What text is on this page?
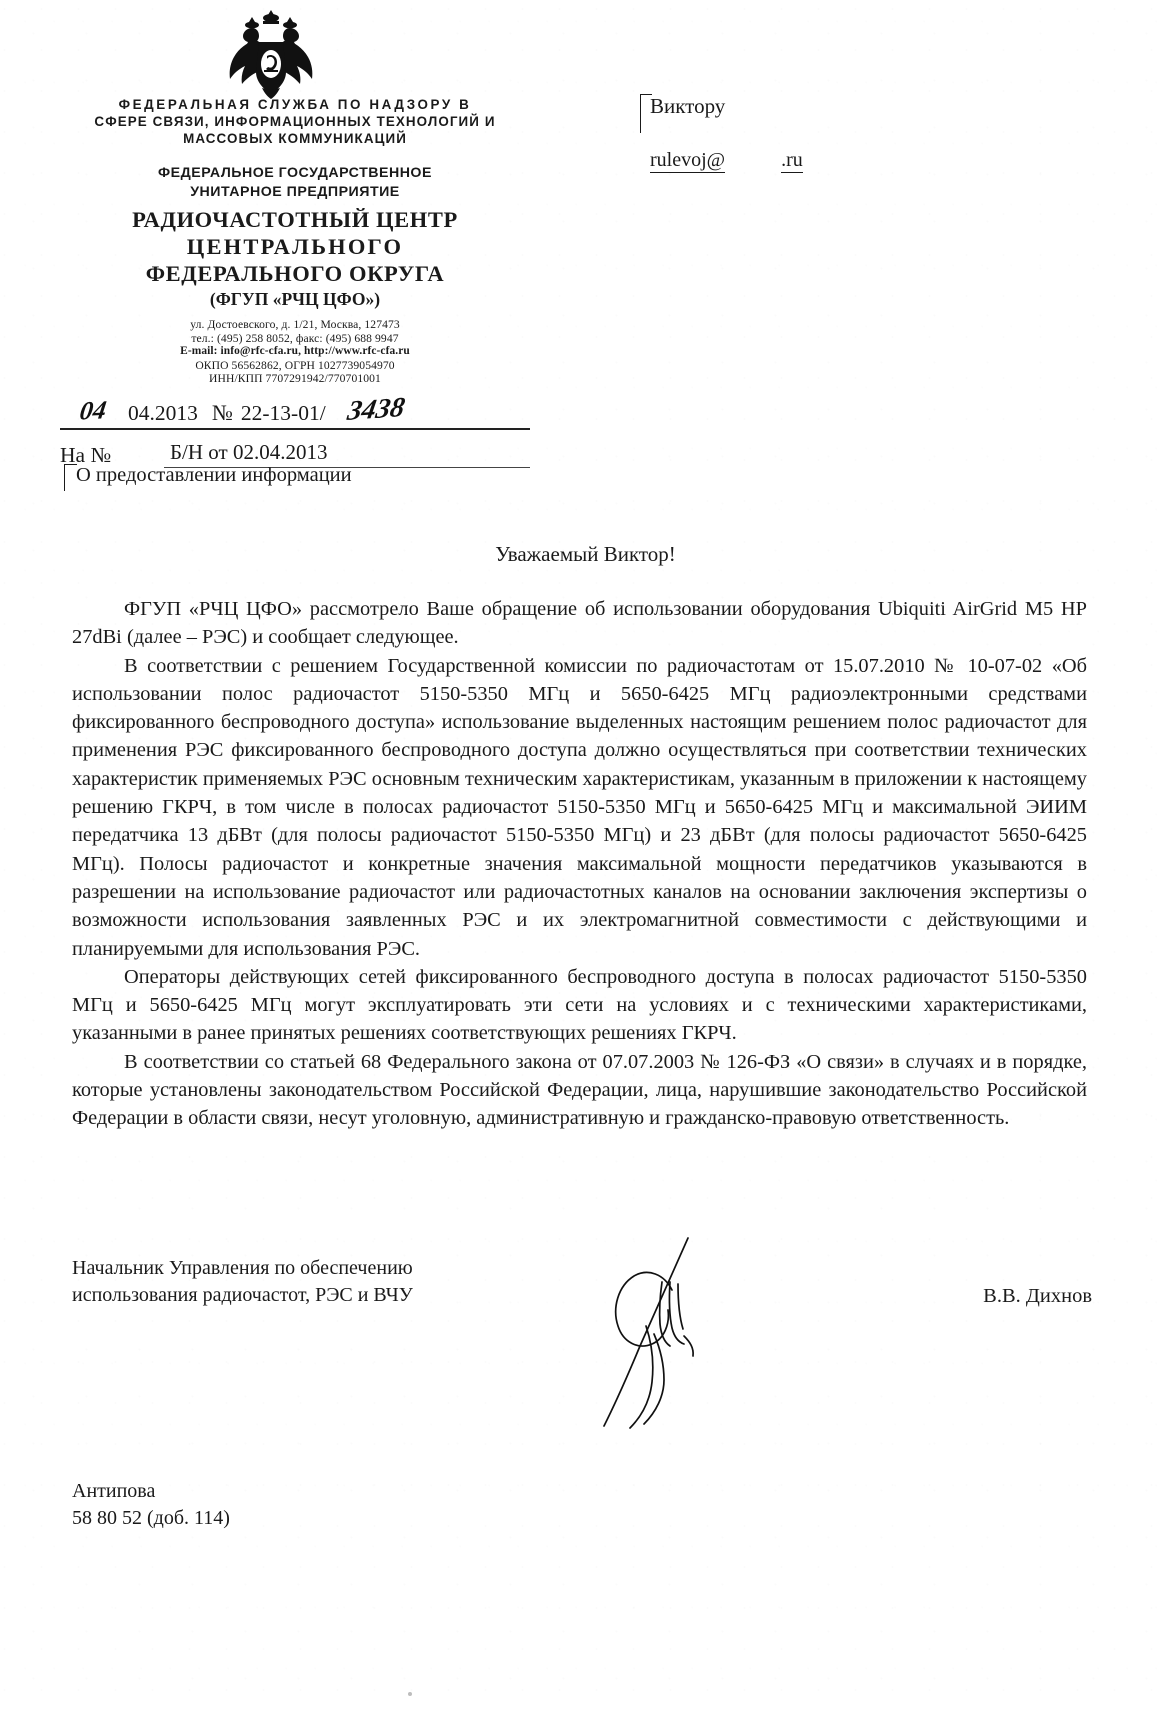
ФЕДЕРАЛЬНАЯ СЛУЖБА ПО НАДЗОРУ В
СФЕРЕ СВЯЗИ, ИНФОРМАЦИОННЫХ ТЕХНОЛОГИЙ И
МАССОВЫХ КОММУНИКАЦИЙ
ФЕДЕРАЛЬНОЕ ГОСУДАРСТВЕННОЕ
УНИТАРНОЕ ПРЕДПРИЯТИЕ
РАДИОЧАСТОТНЫЙ ЦЕНТР
ЦЕНТРАЛЬНОГО
ФЕДЕРАЛЬНОГО ОКРУГА
(ФГУП «РЧЦ ЦФО»)
ул. Достоевского, д. 1/21, Москва, 127473
тел.: (495) 258 8052, факс: (495) 688 9947
E-mail: info@rfc-cfa.ru, http://www.rfc-cfa.ru
ОКПО 56562862, ОГРН 1027739054970
ИНН/КПП 7707291942/770701001
Виктору
rulevoj@	.ru
04 04.2013 № 22-13-01/ 3438
На №	Б/Н от 02.04.2013
О предоставлении информации
Уважаемый Виктор!

ФГУП «РЧЦ ЦФО» рассмотрело Ваше обращение об использовании оборудования Ubiquiti AirGrid M5 HP 27dBi (далее – РЭС) и сообщает следующее.

В соответствии с решением Государственной комиссии по радиочастотам от 15.07.2010 № 10-07-02 «Об использовании полос радиочастот 5150-5350 МГц и 5650-6425 МГц радиоэлектронными средствами фиксированного беспроводного доступа» использование выделенных настоящим решением полос радиочастот для применения РЭС фиксированного беспроводного доступа должно осуществляться при соответствии технических характеристик применяемых РЭС основным техническим характеристикам, указанным в приложении к настоящему решению ГКРЧ, в том числе в полосах радиочастот 5150-5350 МГц и 5650-6425 МГц и максимальной ЭИИМ передатчика 13 дБВт (для полосы радиочастот 5150-5350 МГц) и 23 дБВт (для полосы радиочастот 5650-6425 МГц). Полосы радиочастот и конкретные значения максимальной мощности передатчиков указываются в разрешении на использование радиочастот или радиочастотных каналов на основании заключения экспертизы о возможности использования заявленных РЭС и их электромагнитной совместимости с действующими и планируемыми для использования РЭС.

Операторы действующих сетей фиксированного беспроводного доступа в полосах радиочастот 5150-5350 МГц и 5650-6425 МГц могут эксплуатировать эти сети на условиях и с техническими характеристиками, указанными в ранее принятых решениях соответствующих решениях ГКРЧ.

В соответствии со статьей 68 Федерального закона от 07.07.2003 № 126-ФЗ «О связи» в случаях и в порядке, которые установлены законодательством Российской Федерации, лица, нарушившие законодательство Российской Федерации в области связи, несут уголовную, административную и гражданско-правовую ответственность.

Начальник Управления по обеспечению
использования радиочастот, РЭС и ВЧУ	В.В. Дихнов
Антипова
58 80 52 (доб. 114)
